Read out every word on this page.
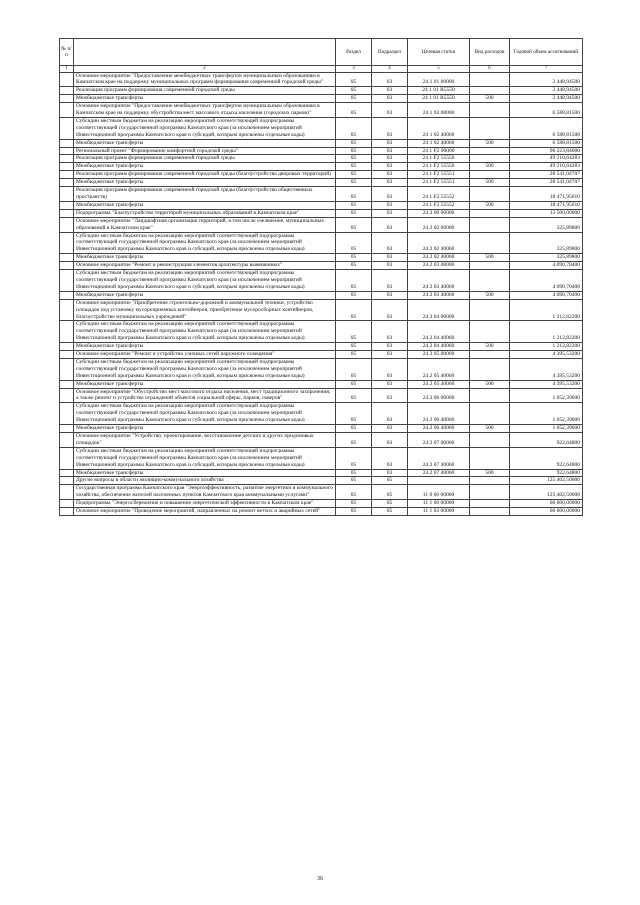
№ п/п		Раздел	Подраздел	Целевая статья	Вид расходов	Годовой объем ассигнований
1	2	3	4	5	6	7
	Основное мероприятие "Предоставление межбюджетных трансфертов муниципальным образованиям в Камчатском крае на поддержку муниципальных программ формирования современной городской среды"	05	03	24 1 01 00000		2 448,94500
	Реализация программ формирования современной городской среды	05	03	24 1 01 R5550		2 448,94500
	Межбюджетные трансферты	05	03	24 1 01 R5550	500	2 448,94500
	Основное мероприятие "Предоставление межбюджетных трансфертов муниципальным образованиям в Камчатском крае на поддержку обустройства мест массового отдыха населения (городских парков)"	05	03	24 1 02 00000		6 588,81500
	Субсидии местным бюджетам на реализацию мероприятий соответствующей подпрограммы соответствующей государственной программы Камчатского края (за исключением мероприятий Инвестиционной программы Камчатского края и субсидий, которым присвоены отдельные коды)	05	03	24 1 02 40060		6 588,81500
	Межбюджетные трансферты	05	03	24 1 02 40060	500	6 588,81500
	Региональный проект "Формирование комфортной городской среды"	05	03	24 1 F2 00000		96 223,84000
	Реализация программ формирования современной городской среды	05	03	24 1 F2 55550		49 210,64283
	Межбюджетные трансферты	05	03	24 1 F2 55550	500	49 210,64283
	Реализация программ формирования современной городской среды (благоустройство дворовых территорий)	05	03	24 1 F2 55551		28 541,04707
	Межбюджетные трансферты	05	03	24 1 F2 55551	500	28 541,04707
	Реализация программ формирования современной городской среды (благоустройство общественных пространств)	05	03	24 1 F2 55552		18 471,95010
	Межбюджетные трансферты	05	03	24 1 F2 55552	500	18 471,95010
	Подпрограмма "Благоустройство территорий муниципальных образований в Камчатском крае"	05	03	24 2 00 00000		13 500,00000
	Основное мероприятие "Ландшафтная организация территорий, в том числе озеленение, муниципальных образований в Камчатском крае"	05	03	24 2 02 00000		325,89800
	Субсидии местным бюджетам на реализацию мероприятий соответствующей подпрограммы соответствующей государственной программы Камчатского края (за исключением мероприятий Инвестиционной программы Камчатского края и субсидий, которым присвоены отдельные коды)	05	03	24 2 02 40060		325,89800
	Межбюджетные трансферты	05	03	24 2 02 40060	500	325,89800
	Основное мероприятие "Ремонт и реконструкция элементов архитектуры вывешенных"	05	03	24 2 03 00000		4 090,70400
	Субсидии местным бюджетам на реализацию мероприятий соответствующей подпрограммы соответствующей государственной программы Камчатского края (за исключением мероприятий Инвестиционной программы Камчатского края и субсидий, которым присвоены отдельные коды)	05	03	24 2 03 40060		4 090,70400
	Межбюджетные трансферты	05	03	24 2 03 40060	500	4 090,70400
	Основное мероприятие "Приобретение строительно-дорожной и коммунальной техники, устройство площадок под установку мусороприемных контейнеров, приобретение мусоросборных контейнеров, благоустройство муниципальных учреждений"	05	03	24 2 04 00000		1 212,82200
	Субсидии местным бюджетам на реализацию мероприятий соответствующей подпрограммы соответствующей государственной программы Камчатского края (за исключением мероприятий Инвестиционной программы Камчатского края и субсидий, которым присвоены отдельные коды)	05	03	24 2 04 40060		1 212,82200
	Межбюджетные трансферты	05	03	24 2 04 40060	500	1 212,82200
	Основное мероприятие "Ремонт и устройство уличных сетей наружного освещения"	05	03	24 2 05 00000		4 395,53200
	Субсидии местным бюджетам на реализацию мероприятий соответствующей подпрограммы соответствующей государственной программы Камчатского края (за исключением мероприятий Инвестиционной программы Камчатского края и субсидий, которым присвоены отдельные коды)	05	03	24 2 05 40060		4 395,53200
	Межбюджетные трансферты	05	03	24 2 05 40060	500	4 395,53200
	Основное мероприятие "Обустройство мест массового отдыха населения, мест традиционного захоронения, а также ремонт и устройство ограждений объектов социальной сферы, парков, скверов"	05	03	24 2 06 00000		1 652,39600
	Субсидии местным бюджетам на реализацию мероприятий соответствующей подпрограммы соответствующей государственной программы Камчатского края (за исключением мероприятий Инвестиционной программы Камчатского края и субсидий, которым присвоены отдельные коды)	05	03	24 2 06 40060		1 652,39600
	Межбюджетные трансферты	05	03	24 2 06 40060	500	1 652,39600
	Основное мероприятие "Устройство, проектирование, восстановление детских и других придомовых площадок"	05	03	24 2 07 00000		922,64800
	Субсидии местным бюджетам на реализацию мероприятий соответствующей подпрограммы соответствующей государственной программы Камчатского края (за исключением мероприятий Инвестиционной программы Камчатского края и субсидий, которым присвоены отдельные коды)	05	03	24 2 07 40060		922,64800
	Межбюджетные трансферты	05	03	24 2 07 40060	500	922,64800
	Другие вопросы в области жилищно-коммунального хозяйства	05	05			125 402,50000
	Государственная программа Камчатского края "Энергоэффективность, развитие энергетики и коммунального хозяйства, обеспечение жителей населенных пунктов Камчатского края коммунальными услугами"	05	05	11 0 00 00000		125 402,50000
	Подпрограмма "Энергосбережение и повышение энергетической эффективности в Камчатском крае"	05	05	11 1 00 00000		66 600,00000
	Основное мероприятие "Проведение мероприятий, направленных на ремонт ветхих и аварийных сетей"	05	05	11 1 03 00000		66 600,00000
36
